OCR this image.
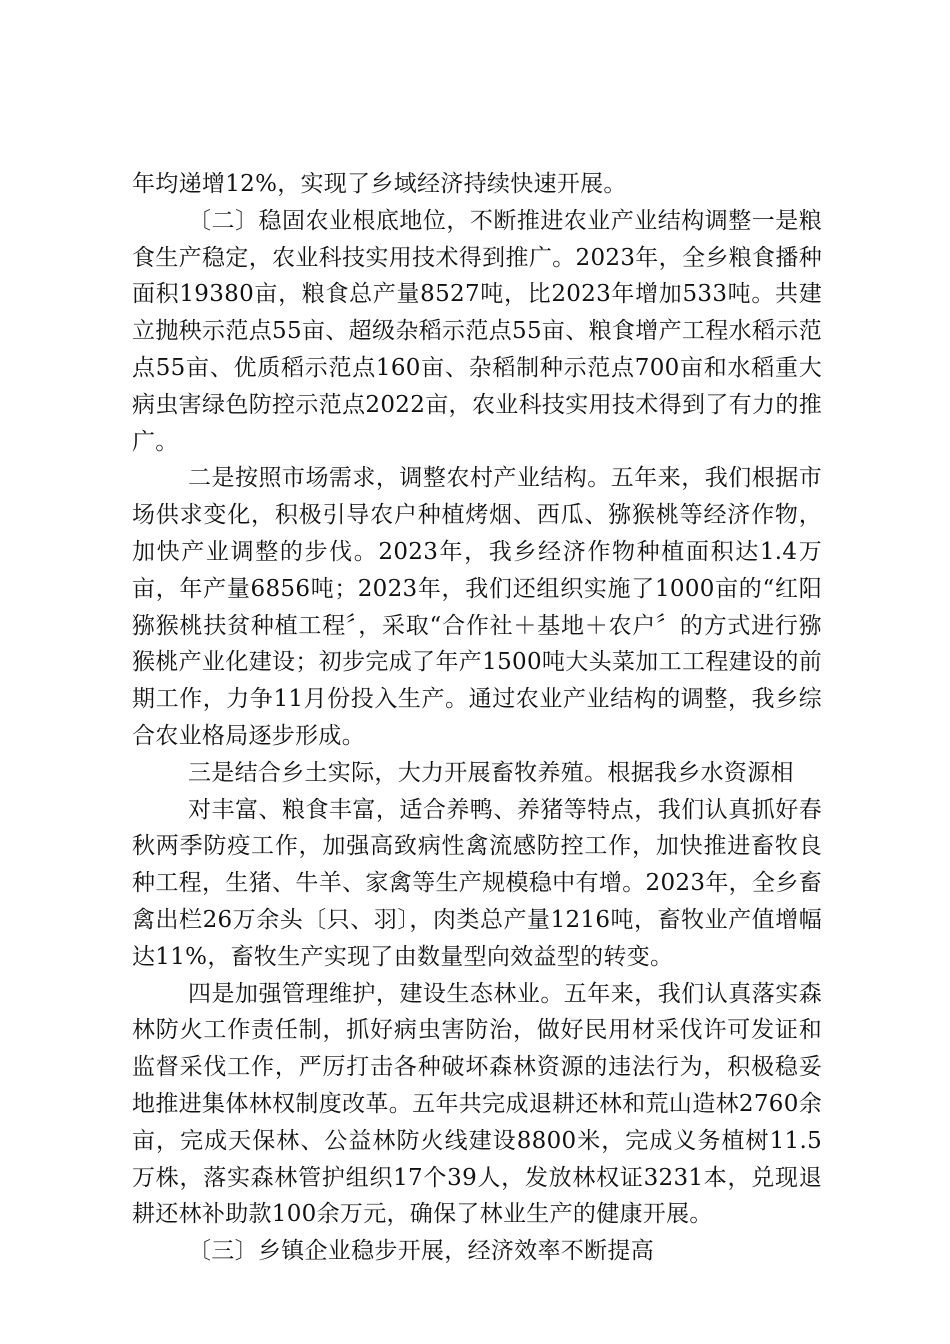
年均递增12%，实现了乡域经济持续快速开展。

〔二〕稳固农业根底地位，不断推进农业产业结构调整一是粮食生产稳定，农业科技实用技术得到推广。2023年，全乡粮食播种面积19380亩，粮食总产量8527吨，比2023年增加533吨。共建立抛秧示范点55亩、超级杂稻示范点55亩、粮食增产工程水稻示范点55亩、优质稻示范点160亩、杂稻制种示范点700亩和水稻重大病虫害绿色防控示范点2022亩，农业科技实用技术得到了有力的推广。

二是按照市场需求，调整农村产业结构。五年来，我们根据市场供求变化，积极引导农户种植烤烟、西瓜、猕猴桃等经济作物，加快产业调整的步伐。2023年，我乡经济作物种植面积达1.4万亩，年产量6856吨；2023年，我们还组织实施了1000亩的“红阳猕猴桃扶贫种植工程〞，采取“合作社＋基地＋农户〞的方式进行猕猴桃产业化建设；初步完成了年产1500吨大头菜加工工程建设的前期工作，力争11月份投入生产。通过农业产业结构的调整，我乡综合农业格局逐步形成。

三是结合乡土实际，大力开展畜牧养殖。根据我乡水资源相

对丰富、粮食丰富，适合养鸭、养猪等特点，我们认真抓好春秋两季防疫工作，加强高致病性禽流感防控工作，加快推进畜牧良种工程，生猪、牛羊、家禽等生产规模稳中有增。2023年，全乡畜禽出栏26万余头〔只、羽〕，肉类总产量1216吨，畜牧业产值增幅达11%，畜牧生产实现了由数量型向效益型的转变。

四是加强管理维护，建设生态林业。五年来，我们认真落实森林防火工作责任制，抓好病虫害防治，做好民用材采伐许可发证和监督采伐工作，严厉打击各种破坏森林资源的违法行为，积极稳妥地推进集体林权制度改革。五年共完成退耕还林和荒山造林2760余亩，完成天保林、公益林防火线建设8800米，完成义务植树11.5万株，落实森林管护组织17个39人，发放林权证3231本，兑现退耕还林补助款100余万元，确保了林业生产的健康开展。

〔三〕乡镇企业稳步开展，经济效率不断提高
